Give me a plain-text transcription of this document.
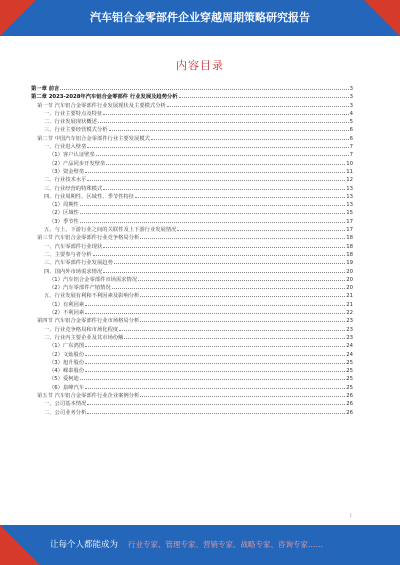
汽车铝合金零部件企业穿越周期策略研究报告
内容目录
第一章 前言	3
第二章 2023-2028年汽车铝合金零部件 行业发展及趋势分析	3
第一节 汽车铝合金零部件行业发展现状及主要模式分析	3
一、行业主要特点及特征	4
二、行业发展现状概述	5
三、行业主要经营模式分析	6
第二节 中国汽车铝合金零部件行业主要发展模式	6
一、行业进入壁垒	7
（1）客户认证壁垒	7
（2）产品同步开发壁垒	10
（3）资金壁垒	11
二、行业技术水平	12
三、行业经营的特殊模式	13
四、行业周期性、区域性、季节性特征	13
（1）周期性	13
（2）区域性	15
（3）季节性	17
五、与上、下游行业之间的关联性及上下游行业发展情况	17
第三节 汽车铝合金零部件行业竞争格局分析	18
一、汽车零部件行业现状	18
二、主要参与者分析	18
三、汽车零部件行业发展趋势	19
四、国内外市场需求情况	20
（1）汽车铝合金零部件市场需求情况	20
（2）汽车零部件产销情况	20
五、行业发展有利和不利因素及影响分析	21
（1）有利因素	21
（2）不利因素	22
第四节 汽车铝合金零部件行业市场格局分析	23
一、行业竞争格局和市场化程度	23
二、行业内主要企业及其市场份额	23
（1）广东鸿图	24
（2）文灿股份	24
（3）旭升股份	25
（4）嵘泰股份	25
（5）爱柯迪	25
（6）泉峰汽车	25
第五节 汽车铝合金零部件行业企业案例分析	26
一、公司基本情况	26
二、公司业务分析	26
1
让每个人都能成为 行业专家、管理专家、营销专家、战略专家、咨询专家……
